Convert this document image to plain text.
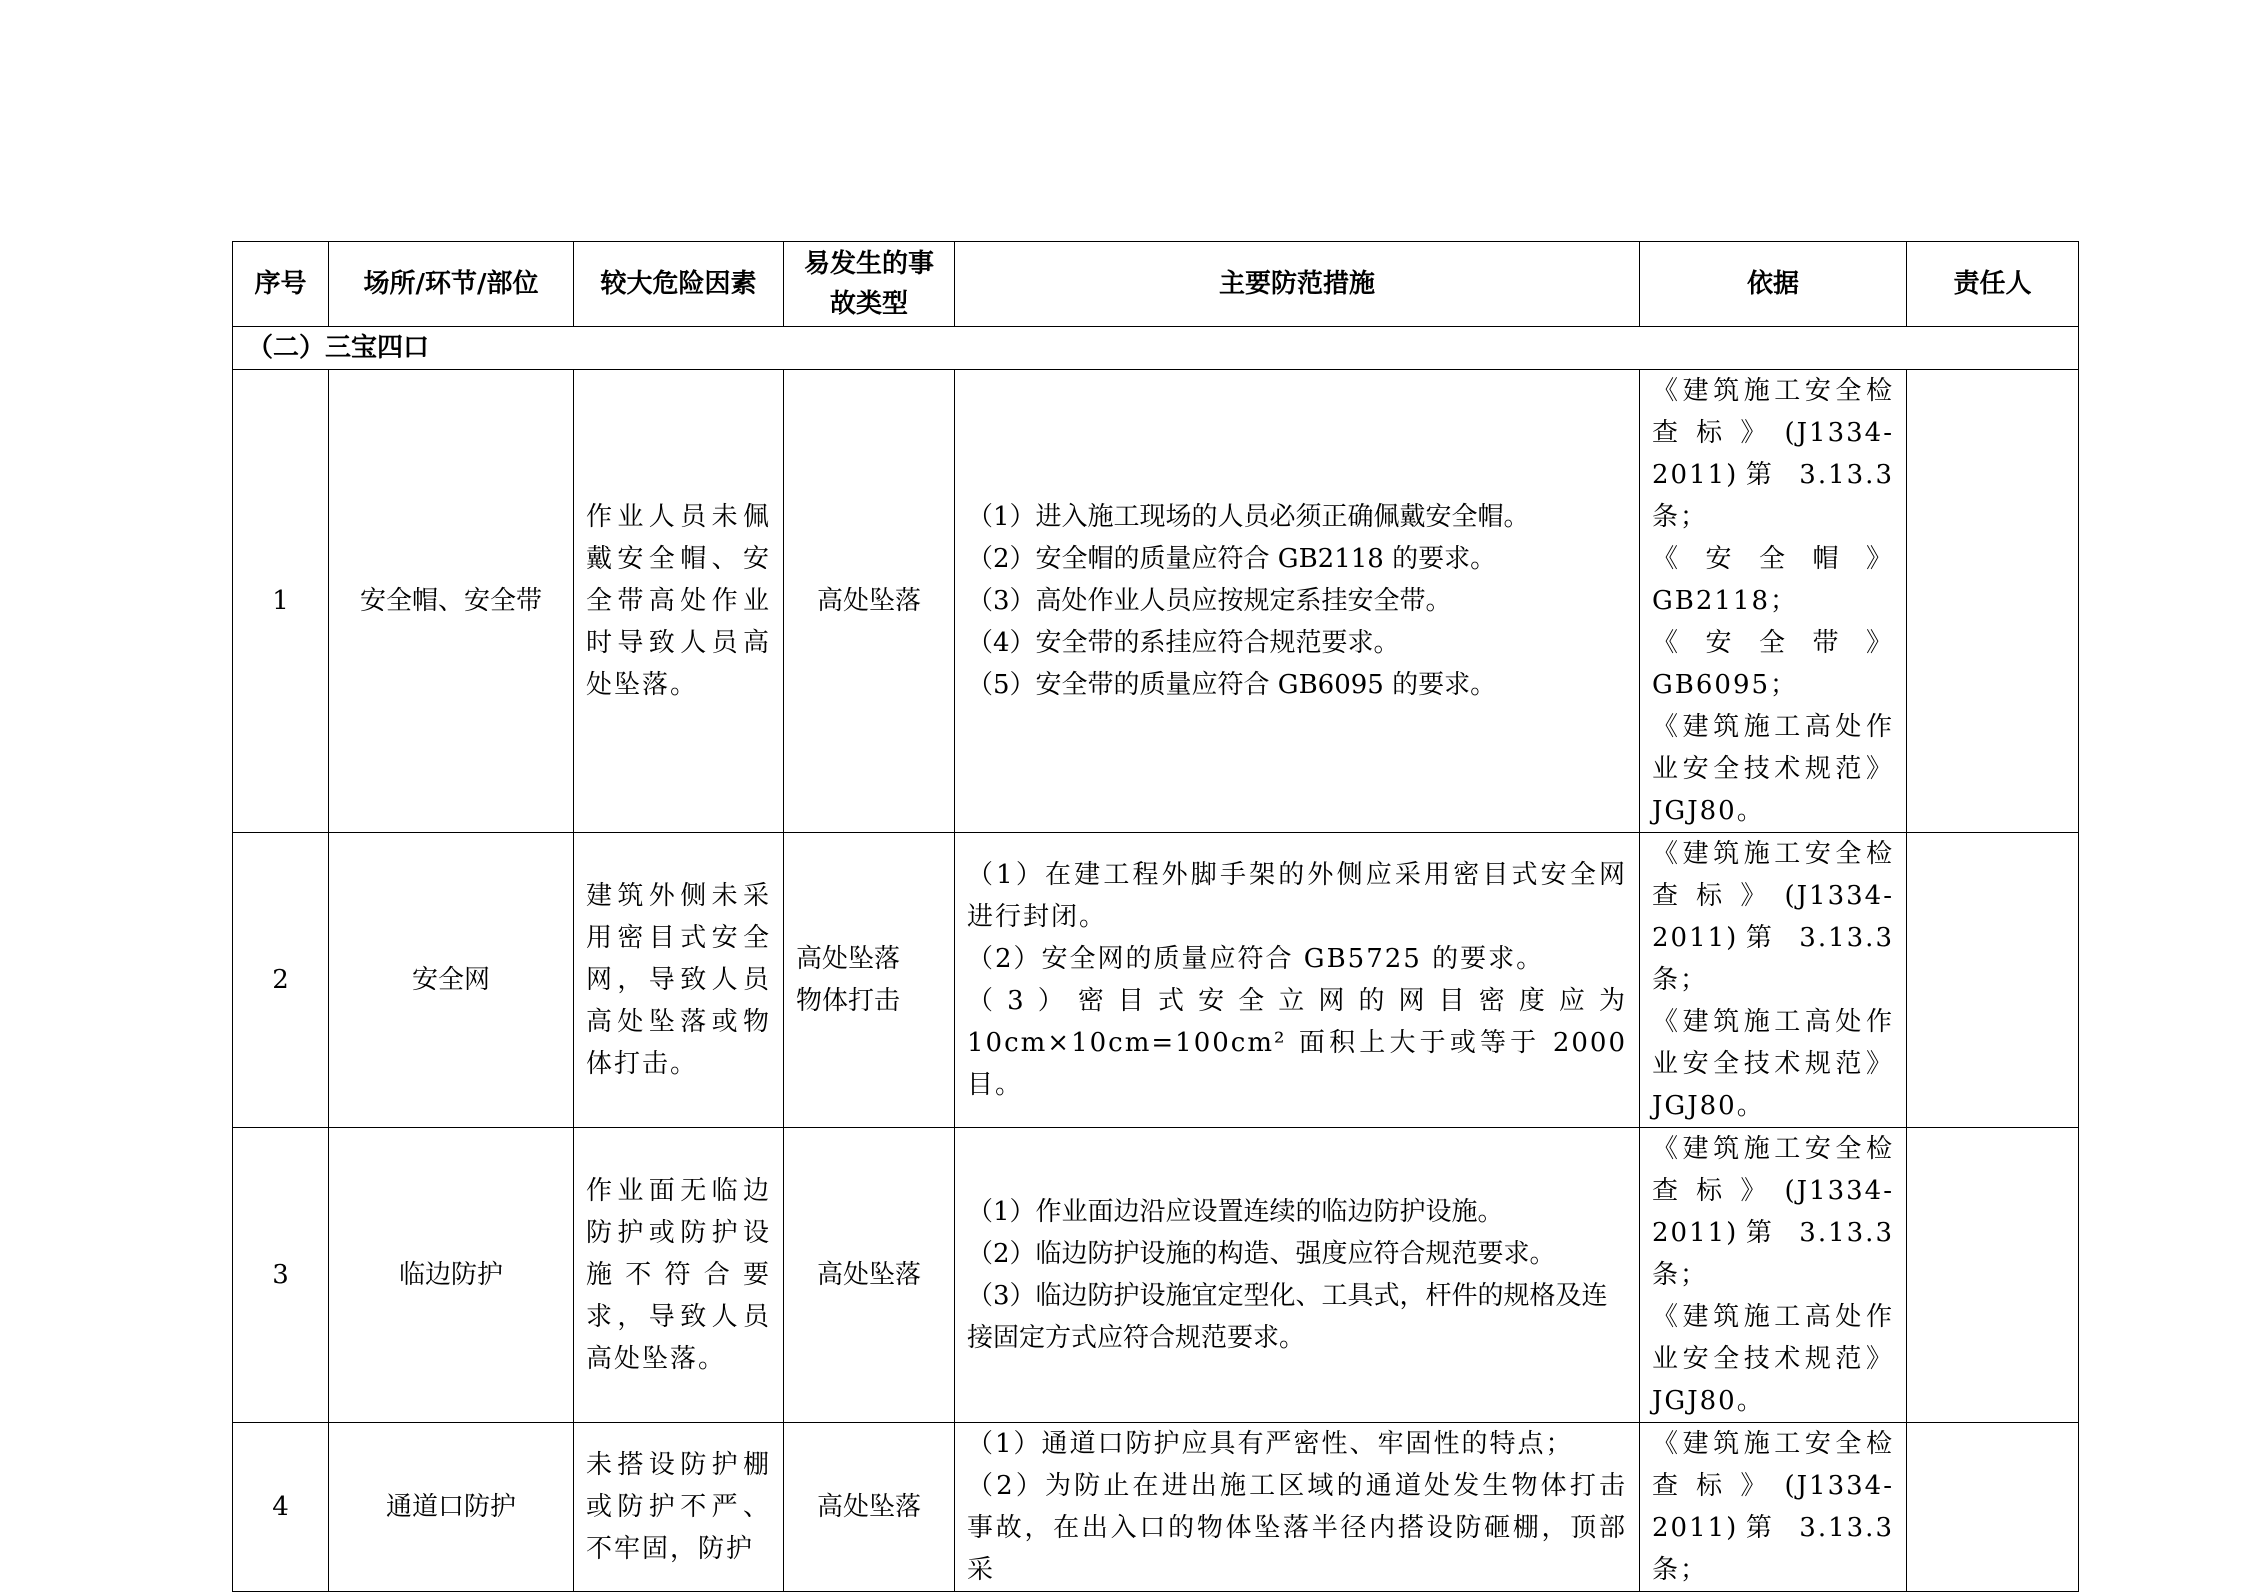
序号	场所/环节/部位	较大危险因素	易发生的事
故类型	主要防范措施	依据	责任人
（二）三宝四口						
1	安全帽、安全带	作业人员未佩戴安全帽、安全带高处作业时导致人员高处坠落。	高处坠落	（1）进入施工现场的人员必须正确佩戴安全帽。
（2）安全帽的质量应符合 GB2118 的要求。
（3）高处作业人员应按规定系挂安全带。
（4）安全带的系挂应符合规范要求。
（5）安全带的质量应符合 GB6095 的要求。	《建筑施工安全检查标》(J1334-2011)第 3.13.3 条；
《安全帽》GB2118；
《安全带》GB6095；
《建筑施工高处作业安全技术规范》JGJ80。	

2	安全网	建筑外侧未采用密目式安全网，导致人员高处坠落或物体打击。	高处坠落
物体打击	（1）在建工程外脚手架的外侧应采用密目式安全网进行封闭。
（2）安全网的质量应符合 GB5725 的要求。
（3）密目式安全立网的网目密度应为 10cm×10cm=100cm² 面积上大于或等于 2000 目。	《建筑施工安全检查标》(J1334-2011)第 3.13.3 条；
《建筑施工高处作业安全技术规范》JGJ80。	

3	临边防护	作业面无临边防护或防护设施不符合要求，导致人员高处坠落。	高处坠落	（1）作业面边沿应设置连续的临边防护设施。
（2）临边防护设施的构造、强度应符合规范要求。
（3）临边防护设施宜定型化、工具式，杆件的规格及连接固定方式应符合规范要求。	《建筑施工安全检查标》(J1334-2011)第 3.13.3 条；
《建筑施工高处作业安全技术规范》JGJ80。	

4	通道口防护	未搭设防护棚或防护不严、不牢固，防护	高处坠落	（1）通道口防护应具有严密性、牢固性的特点；
（2）为防止在进出施工区域的通道处发生物体打击事故，在出入口的物体坠落半径内搭设防砸棚，顶部采	《建筑施工安全检查标》(J1334-2011)第 3.13.3 条；	
